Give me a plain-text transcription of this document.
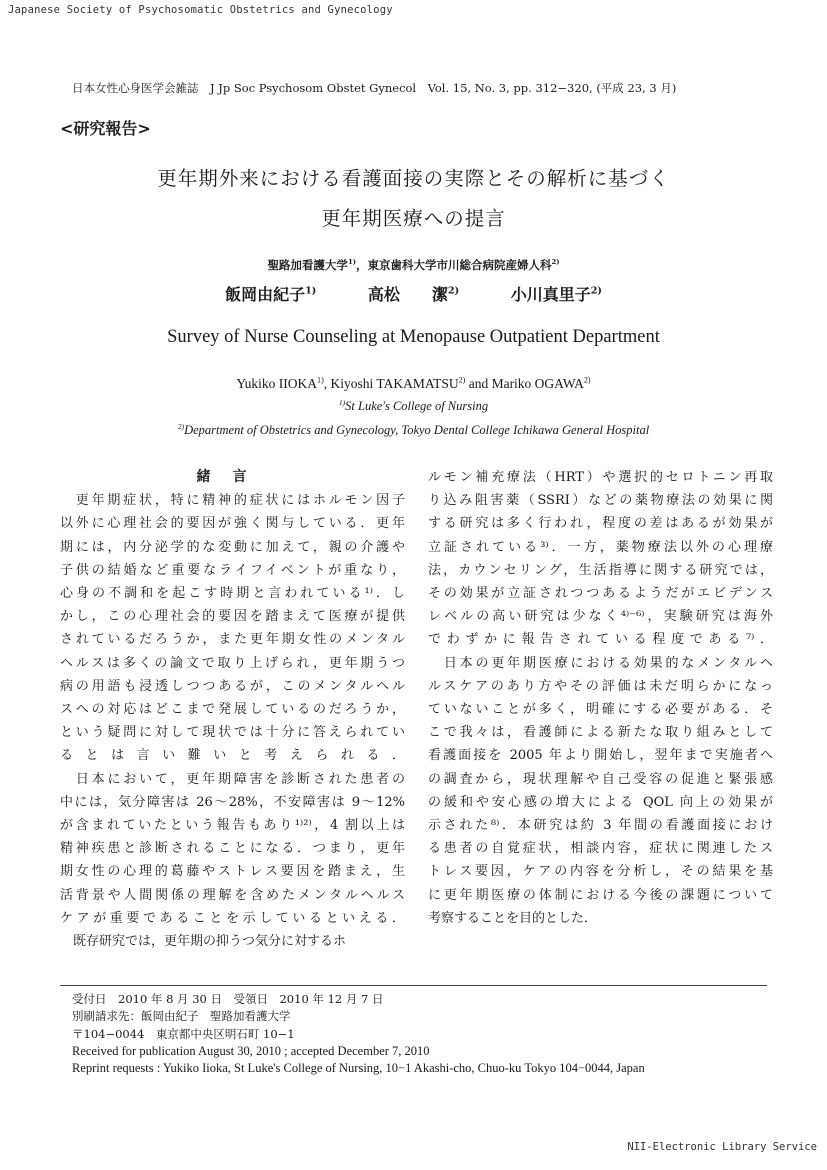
Japanese Society of Psychosomatic Obstetrics and Gynecology
日本女性心身医学会雑誌　J Jp Soc Psychosom Obstet Gynecol　Vol. 15, No. 3, pp. 312−320, (平成 23, 3 月)
<研究報告>
更年期外来における看護面接の実際とその解析に基づく
更年期医療への提言
聖路加看護大学$^{1)}$，東京歯科大学市川総合病院産婦人科$^{2)}$
飯岡由紀子$^{1)}$	高松　　潔$^{2)}$	小川真里子$^{2)}$
Survey of Nurse Counseling at Menopause Outpatient Department
Yukiko IIOKA$^{1)}$, Kiyoshi TAKAMATSU$^{2)}$ and Mariko OGAWA$^{2)}$
$^{1)}$St Luke's College of Nursing
$^{2)}$Department of Obstetrics and Gynecology, Tokyo Dental College Ichikawa General Hospital
緒言
　更年期症状，特に精神的症状にはホルモン因子
以外に心理社会的要因が強く関与している．更年
期には，内分泌学的な変動に加えて，親の介護や
子供の結婚など重要なライフイベントが重なり，
心身の不調和を起こす時期と言われている¹⁾．し
かし，この心理社会的要因を踏まえて医療が提供
されているだろうか，また更年期女性のメンタル
ヘルスは多くの論文で取り上げられ，更年期うつ
病の用語も浸透しつつあるが，このメンタルヘル
スへの対応はどこまで発展しているのだろうか，
という疑問に対して現状では十分に答えられてい
るとは言い難いと考えられる．
　日本において，更年期障害を診断された患者の
中には，気分障害は 26〜28%，不安障害は 9〜12%
が含まれていたという報告もあり¹⁾²⁾，4 割以上は
精神疾患と診断されることになる．つまり，更年
期女性の心理的葛藤やストレス要因を踏まえ，生
活背景や人間関係の理解を含めたメンタルヘルス
ケアが重要であることを示しているといえる．
　既存研究では，更年期の抑うつ気分に対するホ
ルモン補充療法（HRT）や選択的セロトニン再取
り込み阻害薬（SSRI）などの薬物療法の効果に関
する研究は多く行われ，程度の差はあるが効果が
立証されている³⁾．一方，薬物療法以外の心理療
法，カウンセリング，生活指導に関する研究では，
その効果が立証されつつあるようだがエビデンス
レベルの高い研究は少なく⁴⁾⁻⁶⁾，実験研究は海外
でわずかに報告されている程度である⁷⁾．
　日本の更年期医療における効果的なメンタルヘ
ルスケアのあり方やその評価は未だ明らかになっ
ていないことが多く，明確にする必要がある．そ
こで我々は，看護師による新たな取り組みとして
看護面接を 2005 年より開始し，翌年まで実施者へ
の調査から，現状理解や自己受容の促進と緊張感
の緩和や安心感の増大による QOL 向上の効果が
示された⁸⁾．本研究は約 3 年間の看護面接におけ
る患者の自覚症状，相談内容，症状に関連したス
トレス要因，ケアの内容を分析し，その結果を基
に更年期医療の体制における今後の課題について
考察することを目的とした．
受付日　2010 年 8 月 30 日　受領日　2010 年 12 月 7 日
別刷請求先：飯岡由紀子　聖路加看護大学
〒104−0044　東京都中央区明石町 10−1
Received for publication August 30, 2010 ; accepted December 7, 2010
Reprint requests : Yukiko Iioka, St Luke's College of Nursing, 10−1 Akashi-cho, Chuo-ku Tokyo 104−0044, Japan
NII-Electronic Library Service
